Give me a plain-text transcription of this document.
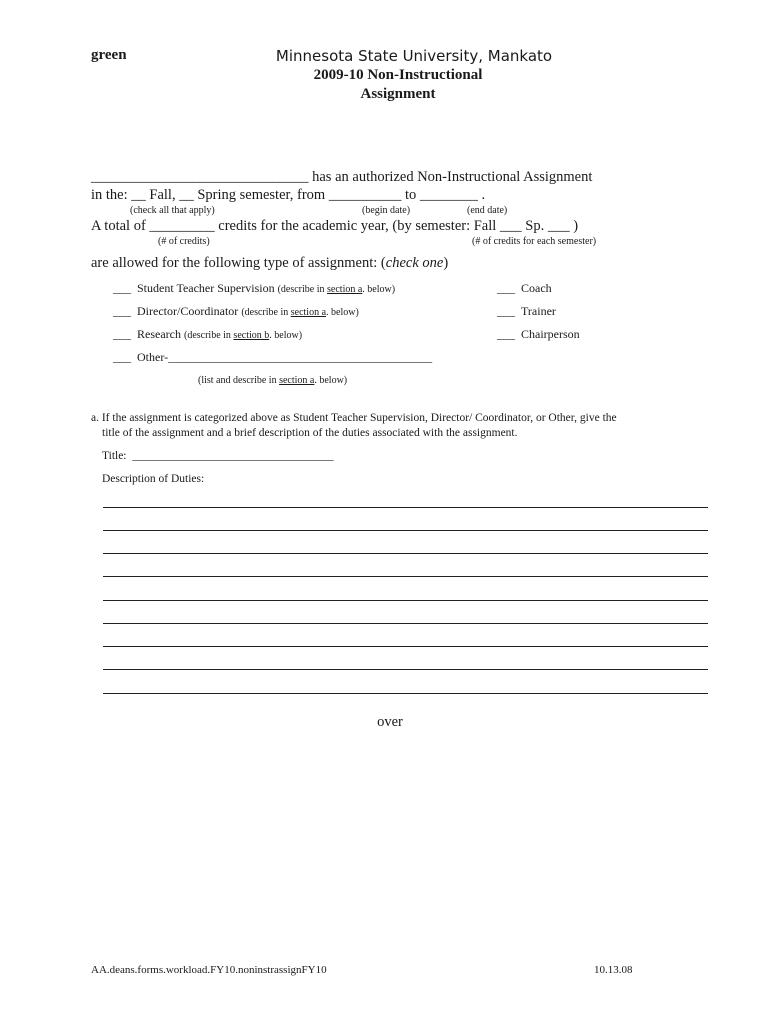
green	Minnesota State University, Mankato
2009-10 Non-Instructional
Assignment
______________________________ has an authorized Non-Instructional Assignment
in the: __ Fall, __ Spring semester, from __________ to ________ .
(check all that apply)	(begin date)	(end date)
A total of _________ credits for the academic year, (by semester: Fall ___ Sp. ___ )
(# of credits)	(# of credits for each semester)
are allowed for the following type of assignment: (check one)
___ Student Teacher Supervision (describe in section a. below)
___ Director/Coordinator (describe in section a. below)
___ Research (describe in section b. below)
___ Other-____________________________________________
(list and describe in section a. below)
___ Coach
___ Trainer
___ Chairperson
a. If the assignment is categorized above as Student Teacher Supervision, Director/ Coordinator, or Other, give the
title of the assignment and a brief description of the duties associated with the assignment.
Title: ___________________________________
Description of Duties:
over
AA.deans.forms.workload.FY10.noninstrassignFY10	10.13.08
